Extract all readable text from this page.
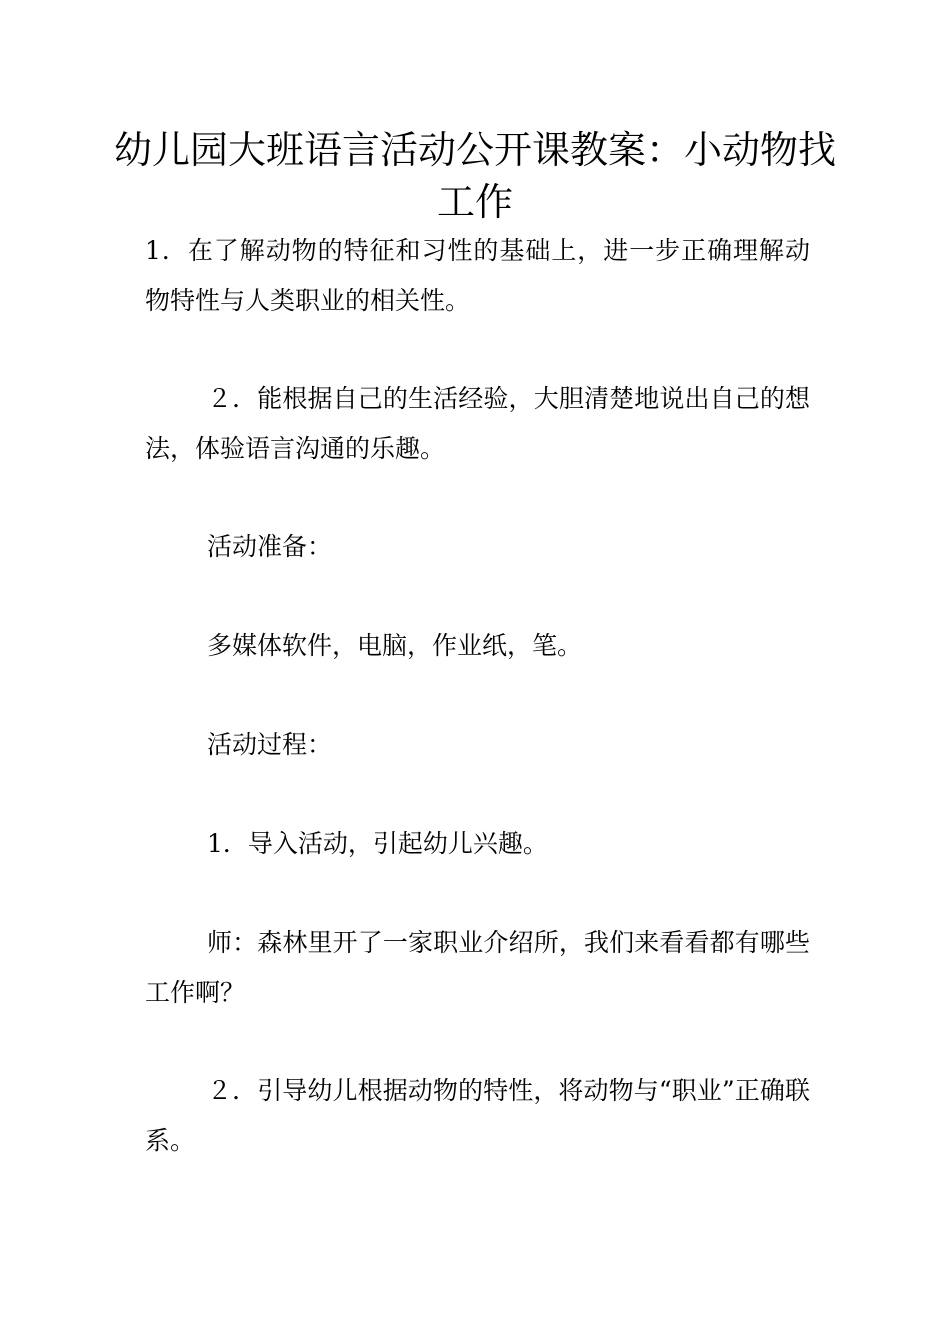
幼儿园大班语言活动公开课教案：小动物找工作

1．在了解动物的特征和习性的基础上，进一步正确理解动物特性与人类职业的相关性。

２．能根据自己的生活经验，大胆清楚地说出自己的想法，体验语言沟通的乐趣。

活动准备：

多媒体软件，电脑，作业纸，笔。

活动过程：

1．导入活动，引起幼儿兴趣。

师：森林里开了一家职业介绍所，我们来看看都有哪些工作啊？

２．引导幼儿根据动物的特性，将动物与“职业”正确联系。
